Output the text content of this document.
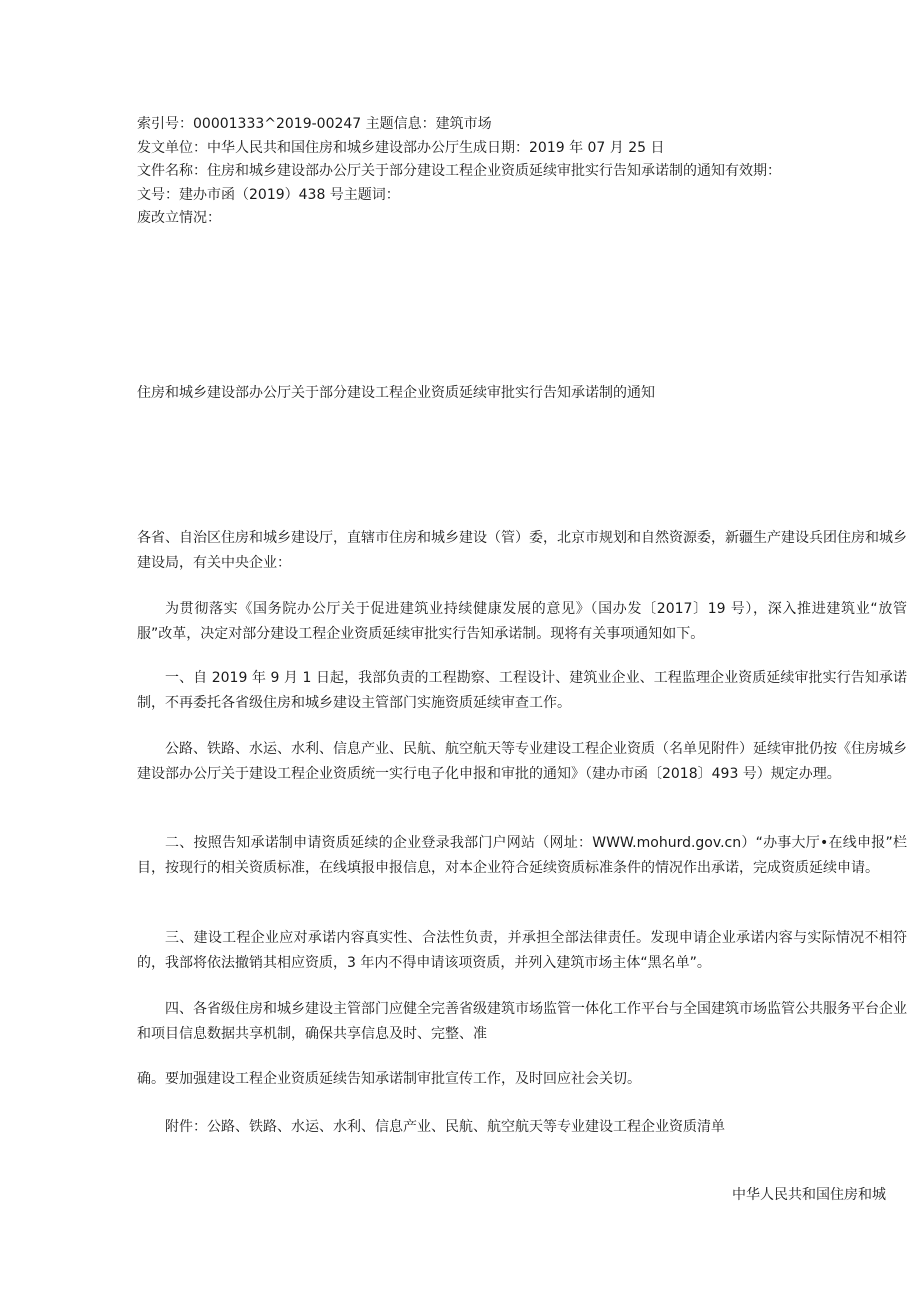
索引号：00001333^2019-00247 主题信息：建筑市场
发文单位：中华人民共和国住房和城乡建设部办公厅生成日期：2019 年 07 月 25 日
文件名称：住房和城乡建设部办公厅关于部分建设工程企业资质延续审批实行告知承诺制的通知有效期：
文号：建办市函（2019）438 号主题词：
废改立情况：
住房和城乡建设部办公厅关于部分建设工程企业资质延续审批实行告知承诺制的通知
各省、自治区住房和城乡建设厅，直辖市住房和城乡建设（管）委，北京市规划和自然资源委，新疆生产建设兵团住房和城乡建设局，有关中央企业：
为贯彻落实《国务院办公厅关于促进建筑业持续健康发展的意见》（国办发〔2017〕19 号），深入推进建筑业“放管服”改革，决定对部分建设工程企业资质延续审批实行告知承诺制。现将有关事项通知如下。
一、自 2019 年 9 月 1 日起，我部负责的工程勘察、工程设计、建筑业企业、工程监理企业资质延续审批实行告知承诺制，不再委托各省级住房和城乡建设主管部门实施资质延续审查工作。
公路、铁路、水运、水利、信息产业、民航、航空航天等专业建设工程企业资质（名单见附件）延续审批仍按《住房城乡建设部办公厅关于建设工程企业资质统一实行电子化申报和审批的通知》（建办市函〔2018〕493 号）规定办理。
二、按照告知承诺制申请资质延续的企业登录我部门户网站（网址：WWW.mohurd.gov.cn）“办事大厅•在线申报”栏目，按现行的相关资质标准，在线填报申报信息，对本企业符合延续资质标准条件的情况作出承诺，完成资质延续申请。
三、建设工程企业应对承诺内容真实性、合法性负责，并承担全部法律责任。发现申请企业承诺内容与实际情况不相符的，我部将依法撤销其相应资质，3 年内不得申请该项资质，并列入建筑市场主体“黑名单”。
四、各省级住房和城乡建设主管部门应健全完善省级建筑市场监管一体化工作平台与全国建筑市场监管公共服务平台企业和项目信息数据共享机制，确保共享信息及时、完整、准
确。要加强建设工程企业资质延续告知承诺制审批宣传工作，及时回应社会关切。
附件：公路、铁路、水运、水利、信息产业、民航、航空航天等专业建设工程企业资质清单
中华人民共和国住房和城
